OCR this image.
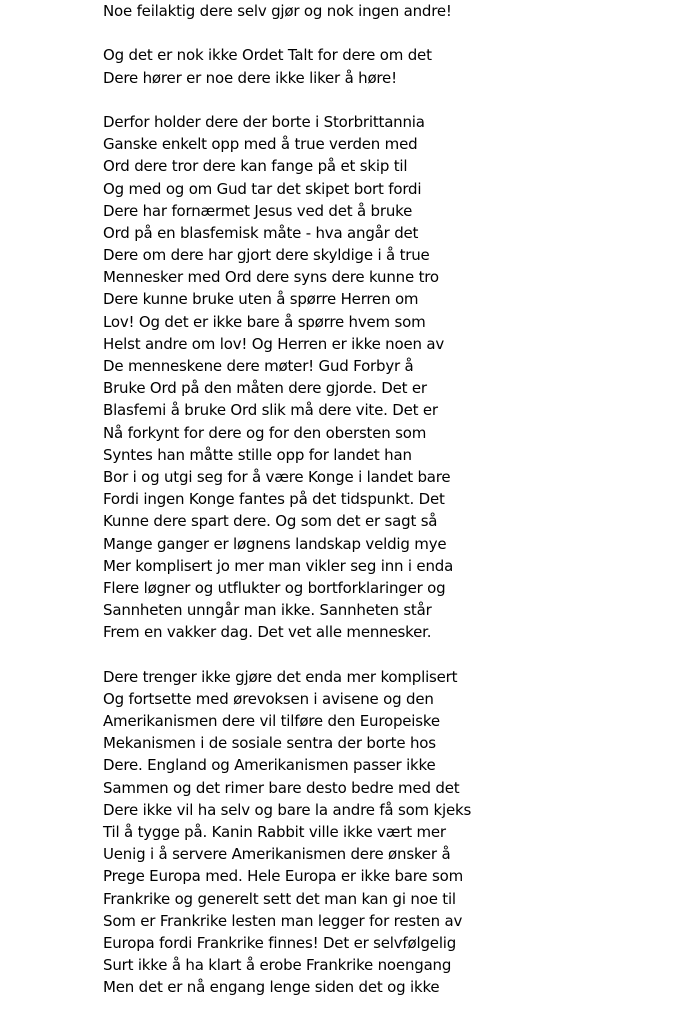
Noe feilaktig dere selv gjør og nok ingen andre!
Og det er nok ikke Ordet Talt for dere om det
Dere hører er noe dere ikke liker å høre!
Derfor holder dere der borte i Storbrittannia
Ganske enkelt opp med å true verden med
Ord dere tror dere kan fange på et skip til
Og med og om Gud tar det skipet bort fordi
Dere har fornærmet Jesus ved det å bruke
Ord på en blasfemisk måte - hva angår det
Dere om dere har gjort dere skyldige i å true
Mennesker med Ord dere syns dere kunne tro
Dere kunne bruke uten å spørre Herren om
Lov! Og det er ikke bare å spørre hvem som
Helst andre om lov! Og Herren er ikke noen av
De menneskene dere møter! Gud Forbyr å
Bruke Ord på den måten dere gjorde. Det er
Blasfemi å bruke Ord slik må dere vite. Det er
Nå forkynt for dere og for den obersten som
Syntes han måtte stille opp for landet han
Bor i og utgi seg for å være Konge i landet bare
Fordi ingen Konge fantes på det tidspunkt. Det
Kunne dere spart dere. Og som det er sagt så
Mange ganger er løgnens landskap veldig mye
Mer komplisert jo mer man vikler seg inn i enda
Flere løgner og utflukter og bortforklaringer og
Sannheten unngår man ikke. Sannheten står
Frem en vakker dag. Det vet alle mennesker.
Dere trenger ikke gjøre det enda mer komplisert
Og fortsette med ørevoksen i avisene og den
Amerikanismen dere vil tilføre den Europeiske
Mekanismen i de sosiale sentra der borte hos
Dere. England og Amerikanismen passer ikke
Sammen og det rimer bare desto bedre med det
Dere ikke vil ha selv og bare la andre få som kjeks
Til å tygge på. Kanin Rabbit ville ikke vært mer
Uenig i å servere Amerikanismen dere ønsker å
Prege Europa med. Hele Europa er ikke bare som
Frankrike og generelt sett det man kan gi noe til
Som er Frankrike lesten man legger for resten av
Europa fordi Frankrike finnes! Det er selvfølgelig
Surt ikke å ha klart å erobe Frankrike noengang
Men det er nå engang lenge siden det og ikke
